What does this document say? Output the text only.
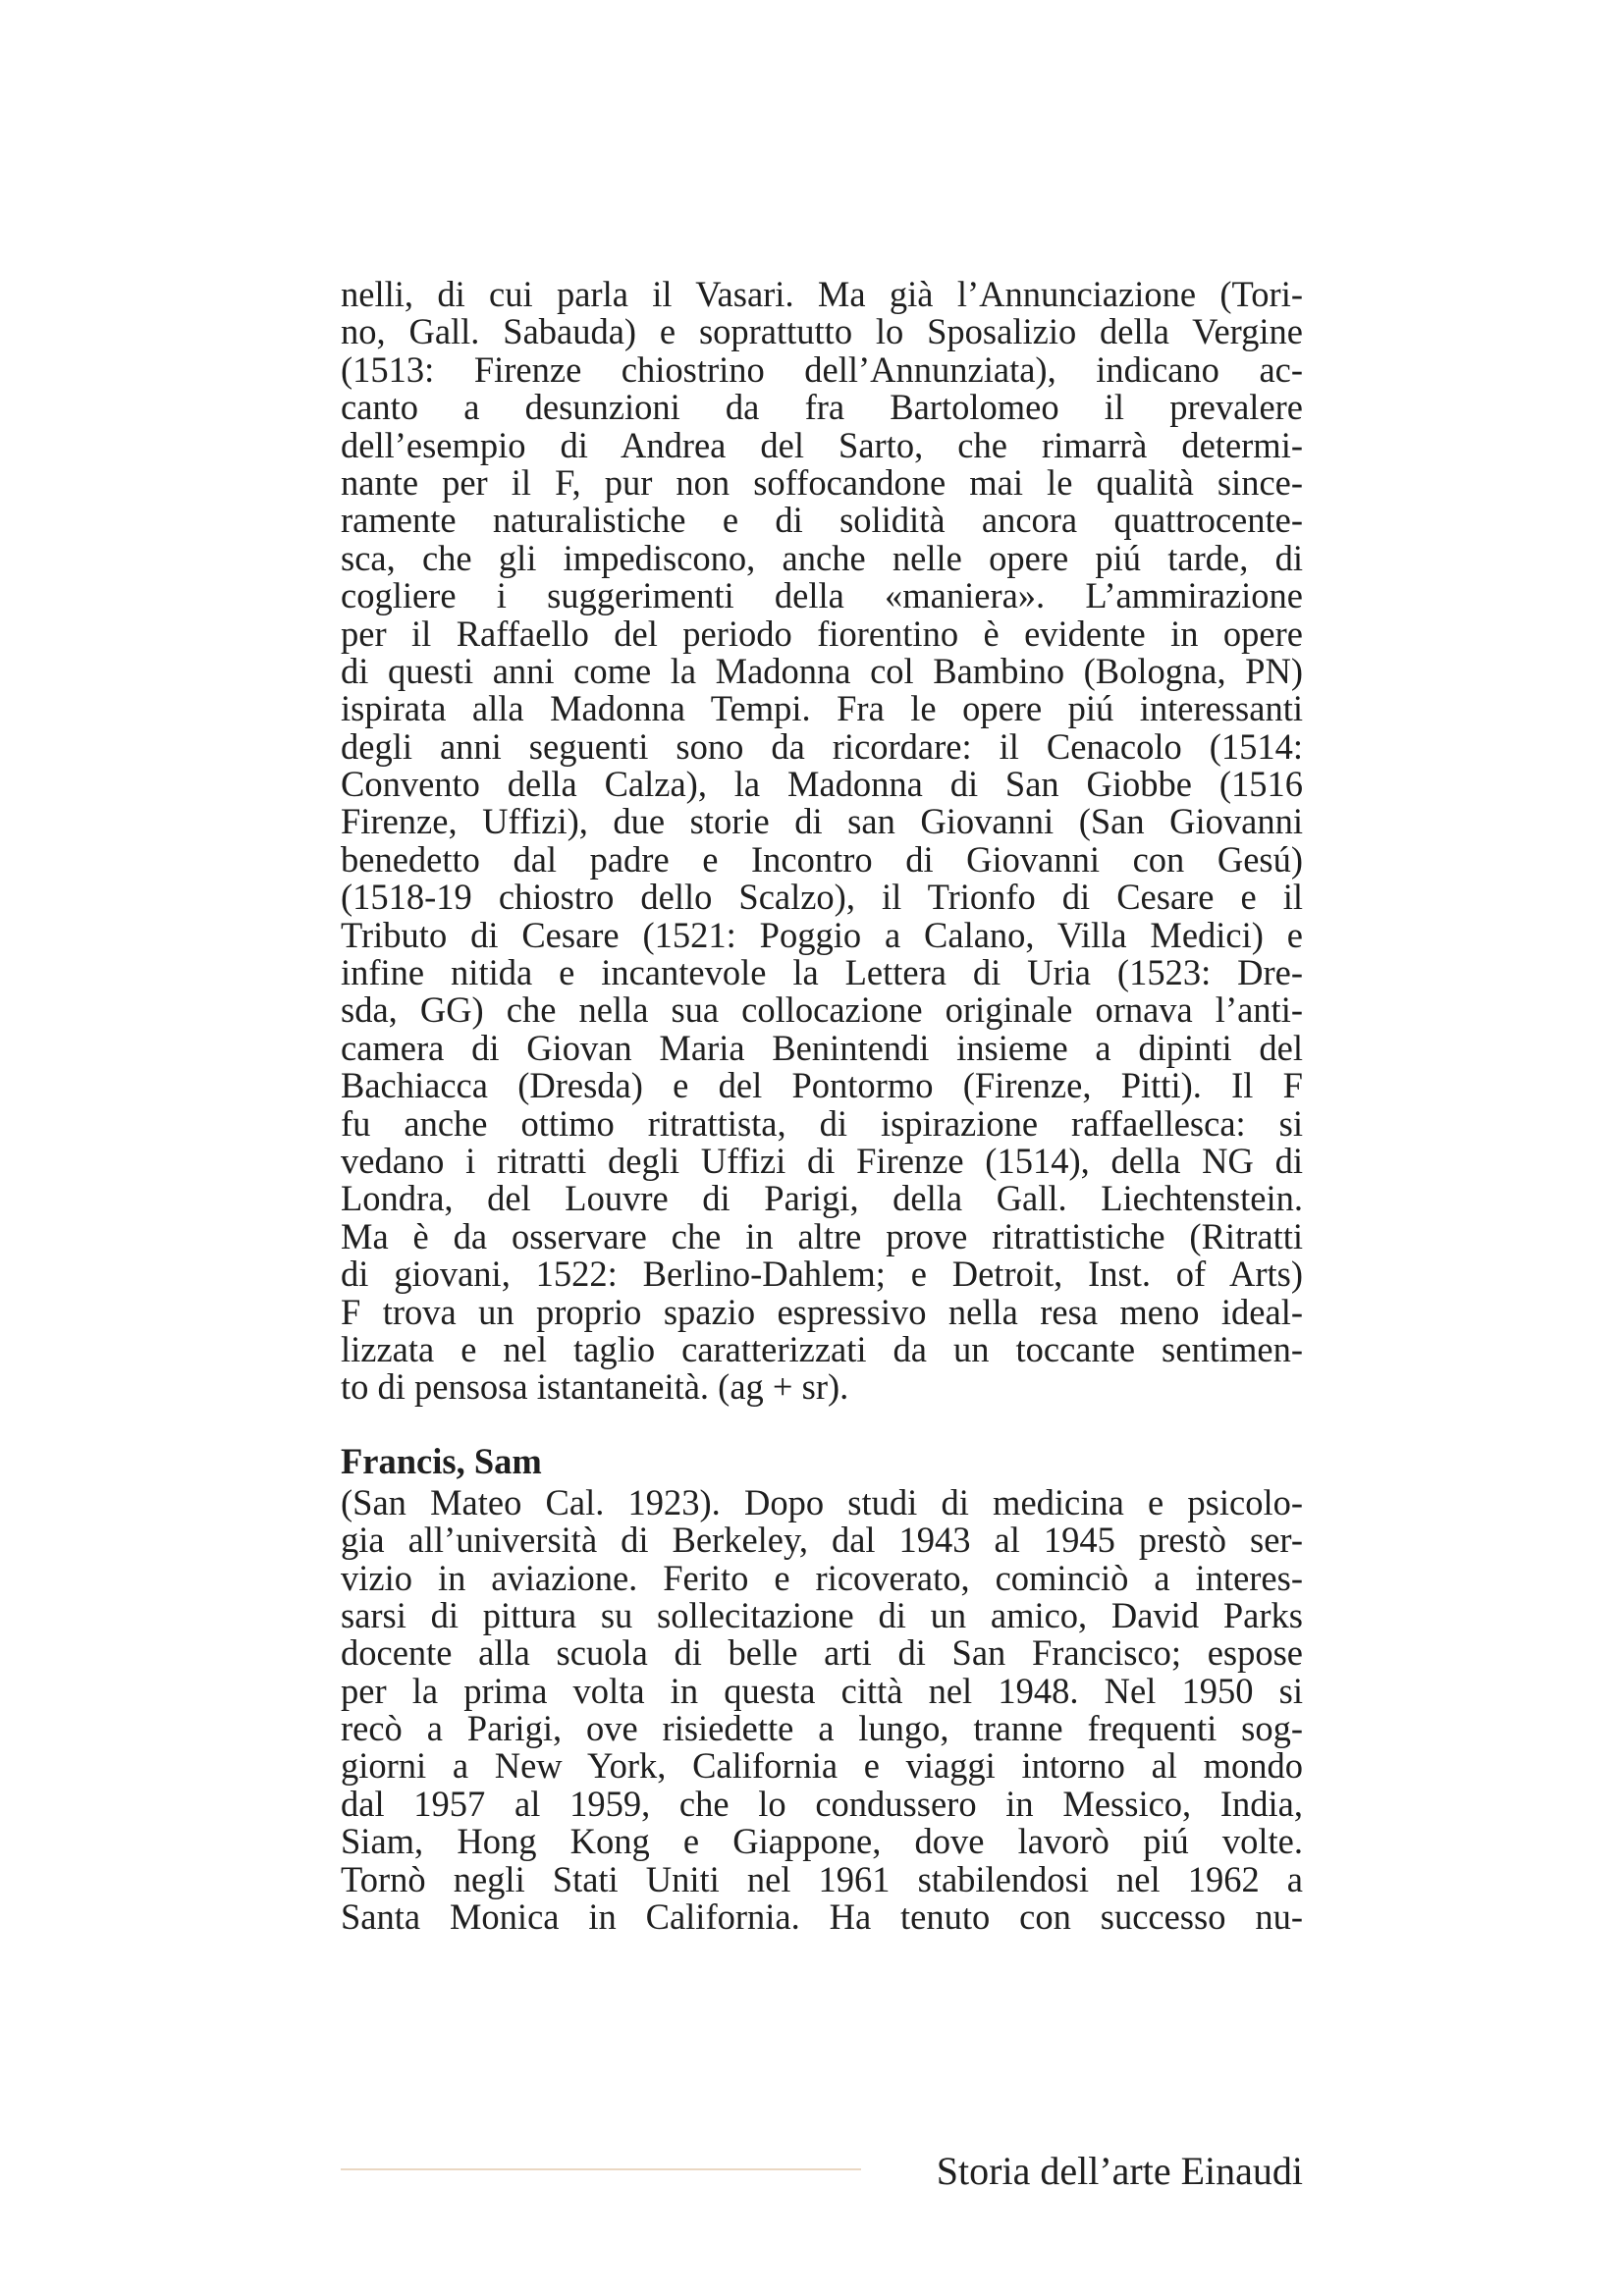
nelli, di cui parla il Vasari. Ma già l’Annunciazione (Tori-
no, Gall. Sabauda) e soprattutto lo Sposalizio della Vergine
(1513: Firenze chiostrino dell’Annunziata), indicano ac-
canto a desunzioni da fra Bartolomeo il prevalere
dell’esempio di Andrea del Sarto, che rimarrà determi-
nante per il F, pur non soffocandone mai le qualità since-
ramente naturalistiche e di solidità ancora quattrocente-
sca, che gli impediscono, anche nelle opere piú tarde, di
cogliere i suggerimenti della «maniera». L’ammirazione
per il Raffaello del periodo fiorentino è evidente in opere
di questi anni come la Madonna col Bambino (Bologna, PN)
ispirata alla Madonna Tempi. Fra le opere piú interessanti
degli anni seguenti sono da ricordare: il Cenacolo (1514:
Convento della Calza), la Madonna di San Giobbe (1516
Firenze, Uffizi), due storie di san Giovanni (San Giovanni
benedetto dal padre e Incontro di Giovanni con Gesú)
(1518-19 chiostro dello Scalzo), il Trionfo di Cesare e il
Tributo di Cesare (1521: Poggio a Calano, Villa Medici) e
infine nitida e incantevole la Lettera di Uria (1523: Dre-
sda, GG) che nella sua collocazione originale ornava l’anti-
camera di Giovan Maria Benintendi insieme a dipinti del
Bachiacca (Dresda) e del Pontormo (Firenze, Pitti). Il F
fu anche ottimo ritrattista, di ispirazione raffaellesca: si
vedano i ritratti degli Uffizi di Firenze (1514), della NG di
Londra, del Louvre di Parigi, della Gall. Liechtenstein.
Ma è da osservare che in altre prove ritrattistiche (Ritratti
di giovani, 1522: Berlino-Dahlem; e Detroit, Inst. of Arts)
F trova un proprio spazio espressivo nella resa meno ideal-
lizzata e nel taglio caratterizzati da un toccante sentimen-
to di pensosa istantaneità. (ag + sr).
Francis, Sam
(San Mateo Cal. 1923). Dopo studi di medicina e psicolo-
gia all’università di Berkeley, dal 1943 al 1945 prestò ser-
vizio in aviazione. Ferito e ricoverato, cominciò a interes-
sarsi di pittura su sollecitazione di un amico, David Parks
docente alla scuola di belle arti di San Francisco; espose
per la prima volta in questa città nel 1948. Nel 1950 si
recò a Parigi, ove risiedette a lungo, tranne frequenti sog-
giorni a New York, California e viaggi intorno al mondo
dal 1957 al 1959, che lo condussero in Messico, India,
Siam, Hong Kong e Giappone, dove lavorò piú volte.
Tornò negli Stati Uniti nel 1961 stabilendosi nel 1962 a
Santa Monica in California. Ha tenuto con successo nu-
Storia dell’arte Einaudi
